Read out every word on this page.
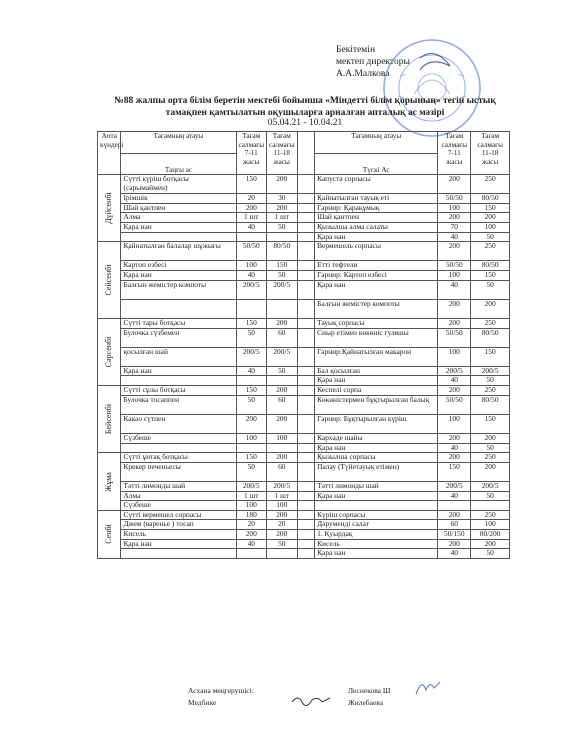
Бекітемін
мектеп директоры
А.А.Малкова
№88 жалпы орта білім беретін мектебі бойынша «Міндетті білім қорының» тегін ыстық тамақпен қамтылатын оқушыларға арналған апталық ас мәзірі
05.04.21 - 10.04.21
Апта күндері	Тағамның атауы	Тағам салмағы 7-11 жасы	Тағам салмағы 11-18 жасы		Тағамның атауы	Тағам салмағы 7-11 жасы	Тағам салмағы 11-18 жасы
	Таңғы ас				Түскі Ас		

Дүйсенбі	Сүтті күріш ботқасы (сарымаймен)	150	200		Капуста сорпасы	200	250
	Ірімшік	20	30		Қайнатылған тауық еті	50/50	80/50
	Шай қантпен	200	200		Гарнир: Қарақұмық	100	150
	Алма	1 шт	1 шт		Шай қантпен	200	200
	Қара нан	40	50		Қызылша алма салаты	70	100
					Қара нан	40	50

Сейсенбі	Қайнатылған балалар шұжығы	50/50	80/50		Вермешель сорпасы	200	250
	Картоп езбесі	100	150		Етті тефтели	50/50	80/50
	Қара нан	40	50		Гарнир: Картоп езбесі	100	150
	Балғын жемістер компоты	200/5	200/5		Қара нан	40	50
					Балғын жемістер компоты	200	200

Сәрсенбі	Сүтті тары ботқасы	150	200		Тауық сорпасы	200	250
	Булочка сүзбемен	50	60		Сиыр етімен көкөніс гуляшы	50/50	80/50
	қосылған шай	200/5	200/5		Гарнир:Қайнатылған макарон	100	150
	Қара нан	40	50		Бал қосылған	200/5	200/5
					Қара нан	40	50

Бейсенбі	Сүтті сұлы ботқасы	150	200		Кеспелі сорпа	200	250
	Булочка тосаппен	50	60		Көкөністермен бұқтырылған балық	50/50	80/50
	Какао сүтпен	200	200		Гарнир: Бұқтырылған күріш	100	150
	Сүзбеше	100	100		Кархаде шайы	200	200
					Қара нан	40	50

Жұма	Сүтті ұнтақ ботқасы	150	200		Қызылша сорпасы	200	250
	Крекер печеньесы	50	60		Палау (Түйетауық етімен)	150	200
	Тәтті лимонды шай	200/5	200/5		Тәтті лимонды шай	200/5	200/5
	Алма	1 шт	1 шт		Қара нан	40	50
	Сүзбеше	100	100				

Сенбі	Сүтті вермешел сорпасы	180	200		Күріш сорпасы	200	250
	Джем (варенье ) тосап	20	20		Дәрумендi салат	60	100
	Кисель	200	200		1. Қуырдақ	50/150	80/200
	Қара нан	40	50		Кисель	200	200
					Қара нан	40	50
Асхана меңгерушісі:	Леснекова Ш
Медбике	Жилебаева
